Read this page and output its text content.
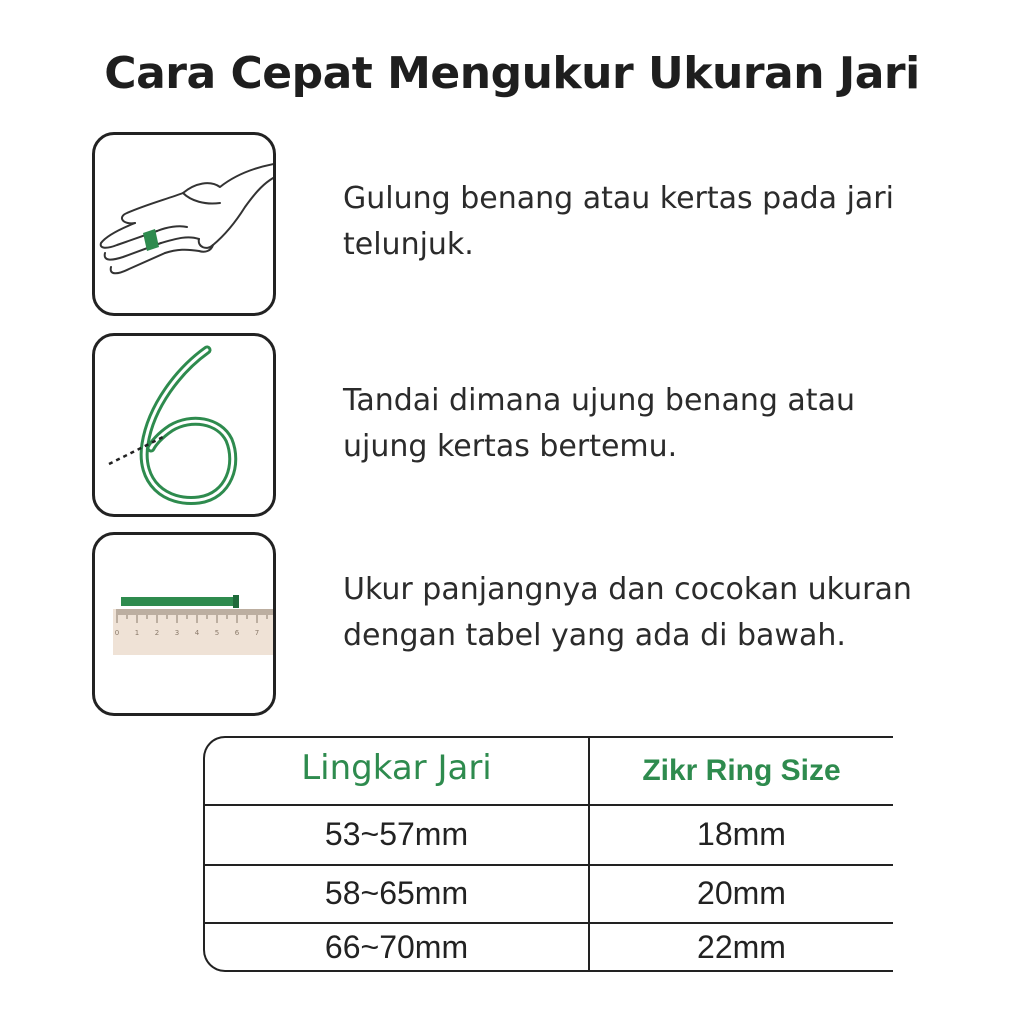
Cara Cepat Mengukur Ukuran Jari
Gulung benang atau kertas pada jari telunjuk.
Tandai dimana ujung benang atau ujung kertas bertemu.
0 1 2 3 4 5 6 7
Ukur panjangnya dan cocokan ukuran dengan tabel yang ada di bawah.
Lingkar Jari	Zikr Ring Size
53~57mm	18mm
58~65mm	20mm
66~70mm	22mm
